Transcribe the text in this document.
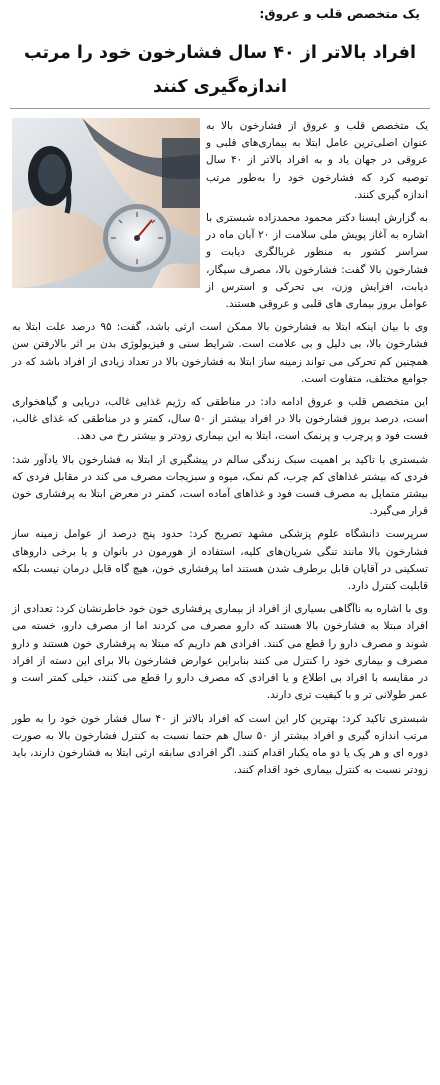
یک متخصص قلب و عروق:

افراد بالاتر از ۴۰ سال فشارخون خود را مرتب اندازه‌گیری کنند

یک متخصص قلب و عروق از فشارخون بالا به عنوان اصلی‌ترین عامل ابتلا به بیماری‌های قلبی و عروقی در جهان یاد و به افراد بالاتر از ۴۰ سال توصیه کرد که فشارخون خود را به‌طور مرتب اندازه گیری کنند.

به گزارش ایسنا دکتر محمود محمدزاده شبستری با اشاره به آغاز پویش ملی سلامت از ۲۰ آبان ماه در سراسر کشور به منظور غربالگری دیابت و فشارخون بالا گفت: فشارخون بالا، مصرف سیگار، دیابت، افزایش وزن، بی تحرکی و استرس از عوامل بروز بیماری های قلبی و عروقی هستند.

وی با بیان اینکه ابتلا به فشارخون بالا ممکن است ارثی باشد، گفت: ۹۵ درصد علت ابتلا به فشارخون بالا، بی دلیل و بی علامت است. شرایط سنی و فیزیولوژی بدن بر اثر بالارفتن سن همچنین کم تحرکی می تواند زمینه ساز ابتلا به فشارخون بالا در تعداد زیادی از افراد باشد که در جوامع مختلف، متفاوت است.

این متخصص قلب و عروق ادامه داد: در مناطقی که رژیم غذایی غالب، دریایی و گیاهخواری است، درصد بروز فشارخون بالا در افراد بیشتر از ۵۰ سال، کمتر و در مناطقی که غذای غالب، فست فود و پرچرب و پرنمک است، ابتلا به این بیماری زودتر و بیشتر رخ می دهد.

شبستری با تاکید بر اهمیت سبک زندگی سالم در پیشگیری از ابتلا به فشارخون بالا یادآور شد: فردی که بیشتر غذاهای کم چرب، کم نمک، میوه و سبزیجات مصرف می کند در مقابل فردی که بیشتر متمایل به مصرف فست فود و غذاهای آماده است، کمتر در معرض ابتلا به پرفشاری خون قرار می‌گیرد.

سرپرست دانشگاه علوم پزشکی مشهد تصریح کرد: حدود پنج درصد از عوامل زمینه ساز فشارخون بالا مانند تنگی شریان‌های کلیه، استفاده از هورمون در بانوان و یا برخی داروهای تسکینی در آقایان قابل برطرف شدن هستند اما پرفشاری خون، هیچ گاه قابل درمان نیست بلکه قابلیت کنترل دارد.

وی با اشاره به ناآگاهی بسیاری از افراد از بیماری پرفشاری خون خود خاطرنشان کرد: تعدادی از افراد مبتلا به فشارخون بالا هستند که دارو مصرف می کردند اما از مصرف دارو، خسته می شوند و مصرف دارو را قطع می کنند. افرادی هم داریم که مبتلا به پرفشاری خون هستند و دارو مصرف و بیماری خود را کنترل می کنند بنابراین عوارض فشارخون بالا برای این دسته از افراد در مقایسه با افراد بی اطلاع و یا افرادی که مصرف دارو را قطع می کنند، خیلی کمتر است و عمر طولانی تر و با کیفیت تری دارند.

شبستری تاکید کرد: بهترین کار این است که افراد بالاتر از ۴۰ سال فشار خون خود را به طور مرتب اندازه گیری و افراد بیشتر از ۵۰ سال هم حتما نسبت به کنترل فشارخون بالا به صورت دوره ای و هر یک یا دو ماه یکبار اقدام کنند. اگر افرادی سابقه ارثی ابتلا به فشارخون دارند، باید زودتر نسبت به کنترل بیماری خود اقدام کنند.
